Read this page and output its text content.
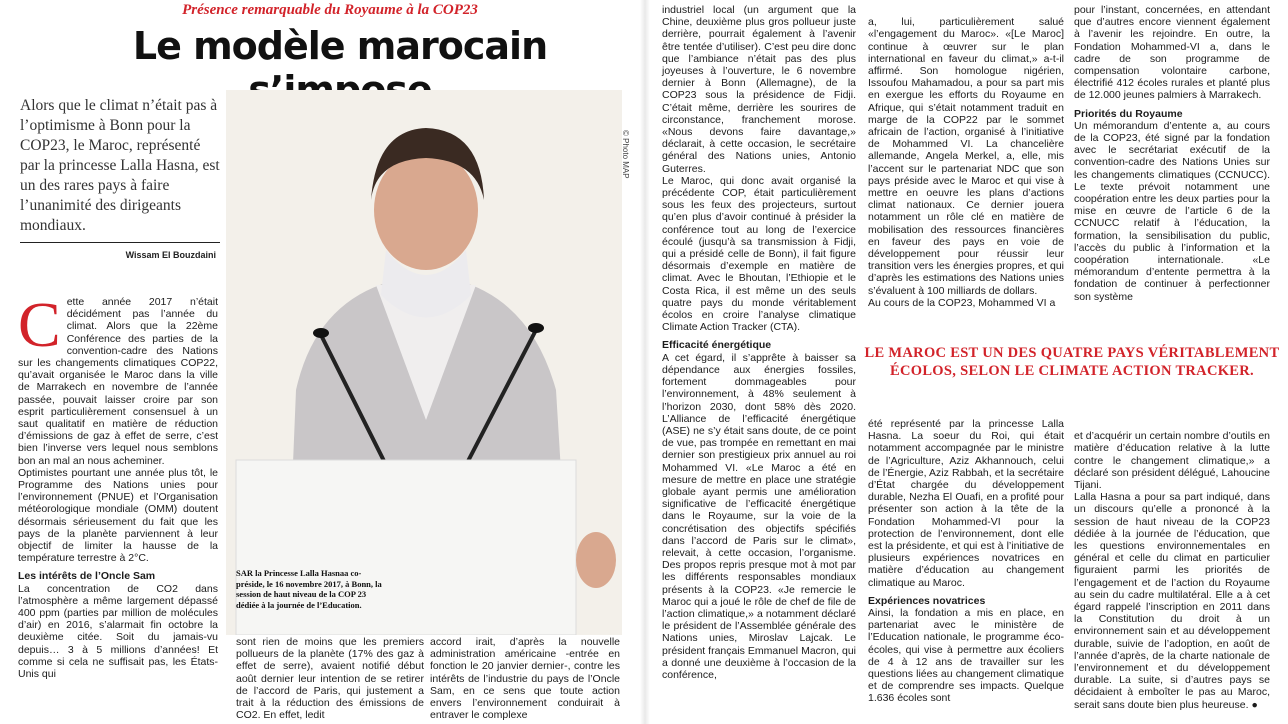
Présence remarquable du Royaume à la COP23
Le modèle marocain
Alors que le climat n’était pas à l’optimisme à Bonn pour la COP23, le Maroc, représenté par la princesse Lalla Hasna, est un des rares pays à faire l’unanimité des dirigeants mondiaux.
Wissam El Bouzdaini
SAR la Princesse Lalla Hasnaa co-préside, le 16 novembre 2017, à Bonn, la session de haut niveau de la COP 23 dédiée à la journée de l’Education.
© Photo MAP
C ette année 2017 n’était décidément pas l’année du climat. Alors que la 22ème Conférence des parties de la convention-cadre des Nations sur les changements climatiques COP22, qu’avait organisée le Maroc dans la ville de Marrakech en novembre de l’année passée, pouvait laisser croire par son esprit particulièrement consensuel à un saut qualitatif en matière de réduction d’émissions de gaz à effet de serre, c’est bien l’inverse vers lequel nous semblons bon an mal an nous acheminer.

Optimistes pourtant une année plus tôt, le Programme des Nations unies pour l’environnement (PNUE) et l’Organisation météorologique mondiale (OMM) doutent désormais sérieusement du fait que les pays de la planète parviennent à leur objectif de limiter la hausse de la température terrestre à 2°C.

Les intérêts de l’Oncle Sam

La concentration de CO2 dans l’atmosphère a même largement dépassé 400 ppm (parties par million de molécules d’air) en 2016, s’alarmait fin octobre la deuxième citée. Soit du jamais-vu depuis… 3 à 5 millions d’années! Et comme si cela ne suffisait pas, les États-Unis qui

sont rien de moins que les premiers pollueurs de la planète (17% des gaz à effet de serre), avaient notifié début août dernier leur intention de se retirer de l’accord de Paris, qui justement a trait à la réduction des émissions de CO2. En effet, ledit

accord irait, d’après la nouvelle administration américaine -entrée en fonction le 20 janvier dernier-, contre les intérêts de l’industrie du pays de l’Oncle Sam, en ce sens que toute action envers l’environnement conduirait à entraver le complexe

industriel local (un argument que la Chine, deuxième plus gros pollueur juste derrière, pourrait également à l’avenir être tentée d’utiliser). C’est peu dire donc que l’ambiance n’était pas des plus joyeuses à l’ouverture, le 6 novembre dernier à Bonn (Allemagne), de la COP23 sous la présidence de Fidji. C’était même, derrière les sourires de circonstance, franchement morose. «Nous devons faire davantage,» déclarait, à cette occasion, le secrétaire général des Nations unies, Antonio Guterres.

Le Maroc, qui donc avait organisé la précédente COP, était particulièrement sous les feux des projecteurs, surtout qu’en plus d’avoir continué à présider la conférence tout au long de l’exercice écoulé (jusqu’à sa transmission à Fidji, qui a présidé celle de Bonn), il fait figure désormais d’exemple en matière de climat. Avec le Bhoutan, l’Ethiopie et le Costa Rica, il est même un des seuls quatre pays du monde véritablement écolos en croire l’analyse climatique Climate Action Tracker (CTA).

Efficacité énergétique

A cet égard, il s’apprête à baisser sa dépendance aux énergies fossiles, fortement dommageables pour l’environnement, à 48% seulement à l’horizon 2030, dont 58% dès 2020. L’Alliance de l’efficacité énergétique (ASE) ne s’y était sans doute, de ce point de vue, pas trompée en remettant en mai dernier son prestigieux prix annuel au roi Mohammed VI. «Le Maroc a été en mesure de mettre en place une stratégie globale ayant permis une amélioration significative de l’efficacité énergétique dans le Royaume, sur la voie de la concrétisation des objectifs spécifiés dans l’accord de Paris sur le climat», relevait, à cette occasion, l’organisme. Des propos repris presque mot à mot par les différents responsables mondiaux présents à la COP23. «Je remercie le Maroc qui a joué le rôle de chef de file de l’action climatique,» a notamment déclaré le président de l’Assemblée générale des Nations unies, Miroslav Lajcak. Le président français Emmanuel Macron, qui a donné une deuxième à l’occasion de la conférence,

a, lui, particulièrement salué «l’engagement du Maroc». «[Le Maroc] continue à œuvrer sur le plan international en faveur du climat,» a-t-il affirmé. Son homologue nigérien, Issoufou Mahamadou, a pour sa part mis en exergue les efforts du Royaume en Afrique, qui s’était notamment traduit en marge de la COP22 par le sommet africain de l’action, organisé à l’initiative de Mohammed VI. La chancelière allemande, Angela Merkel, a, elle, mis l’accent sur le partenariat NDC que son pays préside avec le Maroc et qui vise à mettre en oeuvre les plans d’actions climat nationaux. Ce dernier jouera notamment un rôle clé en matière de mobilisation des ressources financières en faveur des pays en voie de développement pour réussir leur transition vers les énergies propres, et qui d’après les estimations des Nations unies s’évaluent à 100 milliards de dollars.
Au cours de la COP23, Mohammed VI a

pour l’instant, concernées, en attendant que d’autres encore viennent également à l’avenir les rejoindre. En outre, la Fondation Mohammed-VI a, dans le cadre de son programme de compensation volontaire carbone, électrifié 412 écoles rurales et planté plus de 12.000 jeunes palmiers à Marrakech.

Priorités du Royaume

Un mémorandum d’entente a, au cours de la COP23, été signé par la fondation avec le secrétariat exécutif de la convention-cadre des Nations Unies sur les changements climatiques (CCNUCC). Le texte prévoit notamment une coopération entre les deux parties pour la mise en œuvre de l’article 6 de la CCNUCC relatif à l’éducation, la formation, la sensibilisation du public, l’accès du public à l’information et la coopération internationale. «Le mémorandum d’entente permettra à la fondation de continuer à perfectionner son système

LE MAROC EST UN DES QUATRE PAYS VÉRITABLEMENT ÉCOLOS, SELON LE CLIMATE ACTION TRACKER.

été représenté par la princesse Lalla Hasna. La soeur du Roi, qui était notamment accompagnée par le ministre de l’Agriculture, Aziz Akhannouch, celui de l’Énergie, Aziz Rabbah, et la secrétaire d’État chargée du développement durable, Nezha El Ouafi, en a profité pour présenter son action à la tête de la Fondation Mohammed-VI pour la protection de l’environnement, dont elle est la présidente, et qui est à l’initiative de plusieurs expériences novatrices en matière d’éducation au changement climatique au Maroc.

Expériences novatrices

Ainsi, la fondation a mis en place, en partenariat avec le ministère de l’Education nationale, le programme éco-écoles, qui vise à permettre aux écoliers de 4 à 12 ans de travailler sur les questions liées au changement climatique et de comprendre ses impacts. Quelque 1.636 écoles sont

et d’acquérir un certain nombre d’outils en matière d’éducation relative à la lutte contre le changement climatique,» a déclaré son président délégué, Lahoucine Tijani.
Lalla Hasna a pour sa part indiqué, dans un discours qu’elle a prononcé à la session de haut niveau de la COP23 dédiée à la journée de l’éducation, que les questions environnementales en général et celle du climat en particulier figuraient parmi les priorités de l’engagement et de l’action du Royaume au sein du cadre multilatéral. Elle a à cet égard rappelé l’inscription en 2011 dans la Constitution du droit à un environnement sain et au développement durable, suivie de l’adoption, en août de l’année d’après, de la charte nationale de l’environnement et du développement durable. La suite, si d’autres pays se décidaient à emboîter le pas au Maroc, serait sans doute bien plus heureuse. ●
